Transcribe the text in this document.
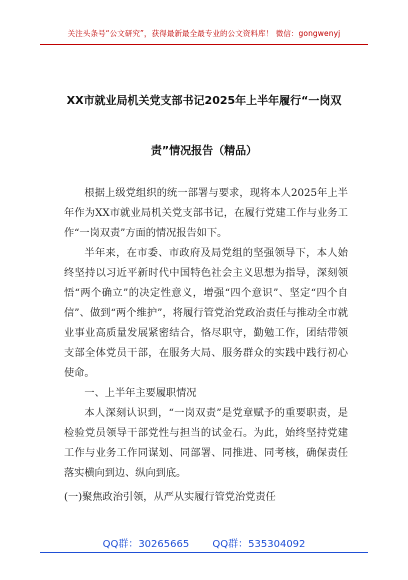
关注头条号“公文研究”，获得最新最全最专业的公文资料库！ 微信：gongwenyj
XX市就业局机关党支部书记2025年上半年履行“一岗双
责”情况报告（精品）

根据上级党组织的统一部署与要求，现将本人2025年上半年作为XX市就业局机关党支部书记，在履行党建工作与业务工作“一岗双责”方面的情况报告如下。

半年来，在市委、市政府及局党组的坚强领导下，本人始终坚持以习近平新时代中国特色社会主义思想为指导，深刻领悟“两个确立”的决定性意义，增强“四个意识”、坚定“四个自信”、做到“两个维护”，将履行管党治党政治责任与推动全市就业事业高质量发展紧密结合，恪尽职守，勤勉工作，团结带领支部全体党员干部，在服务大局、服务群众的实践中践行初心使命。

一、上半年主要履职情况

本人深刻认识到，“一岗双责”是党章赋予的重要职责，是检验党员领导干部党性与担当的试金石。为此，始终坚持党建工作与业务工作同谋划、同部署、同推进、同考核，确保责任落实横向到边、纵向到底。

(一)聚焦政治引领，从严从实履行管党治党责任

QQ群：30265665 QQ群：535304092
